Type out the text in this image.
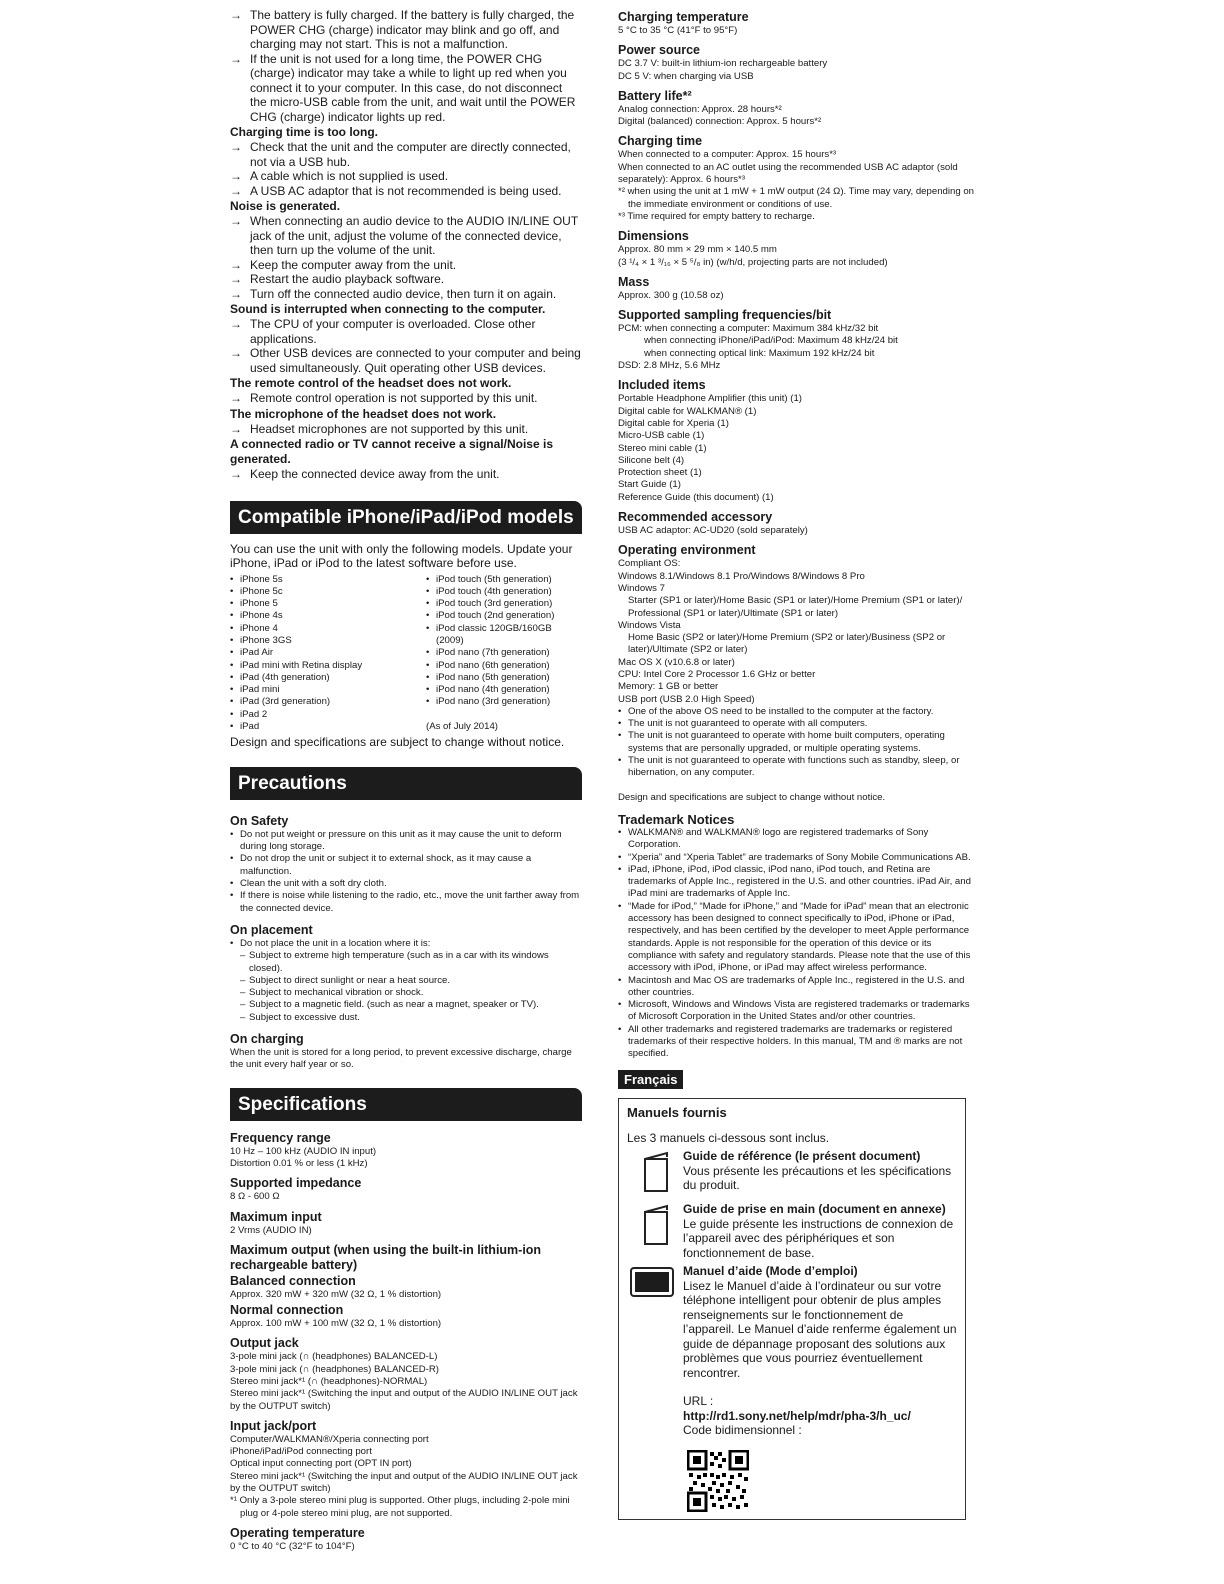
→ The battery is fully charged. If the battery is fully charged, the POWER CHG (charge) indicator may blink and go off, and charging may not start. This is not a malfunction.
→ If the unit is not used for a long time, the POWER CHG (charge) indicator may take a while to light up red when you connect it to your computer. In this case, do not disconnect the micro-USB cable from the unit, and wait until the POWER CHG (charge) indicator lights up red.
Charging time is too long.
→ Check that the unit and the computer are directly connected, not via a USB hub.
→ A cable which is not supplied is used.
→ A USB AC adaptor that is not recommended is being used.
Noise is generated.
→ When connecting an audio device to the AUDIO IN/LINE OUT jack of the unit, adjust the volume of the connected device, then turn up the volume of the unit.
→ Keep the computer away from the unit.
→ Restart the audio playback software.
→ Turn off the connected audio device, then turn it on again.
Sound is interrupted when connecting to the computer.
→ The CPU of your computer is overloaded. Close other applications.
→ Other USB devices are connected to your computer and being used simultaneously. Quit operating other USB devices.
The remote control of the headset does not work.
→ Remote control operation is not supported by this unit.
The microphone of the headset does not work.
→ Headset microphones are not supported by this unit.
A connected radio or TV cannot receive a signal/Noise is generated.
→ Keep the connected device away from the unit.
Compatible iPhone/iPad/iPod models
You can use the unit with only the following models. Update your iPhone, iPad or iPod to the latest software before use.
• iPhone 5s
• iPhone 5c
• iPhone 5
• iPhone 4s
• iPhone 4
• iPhone 3GS
• iPad Air
• iPad mini with Retina display
• iPad (4th generation)
• iPad mini
• iPad (3rd generation)
• iPad 2
• iPad
• iPod touch (5th generation)
• iPod touch (4th generation)
• iPod touch (3rd generation)
• iPod touch (2nd generation)
• iPod classic 120GB/160GB (2009)
• iPod nano (7th generation)
• iPod nano (6th generation)
• iPod nano (5th generation)
• iPod nano (4th generation)
• iPod nano (3rd generation)
(As of July 2014)
Design and specifications are subject to change without notice.
Precautions
On Safety
• Do not put weight or pressure on this unit as it may cause the unit to deform during long storage.
• Do not drop the unit or subject it to external shock, as it may cause a malfunction.
• Clean the unit with a soft dry cloth.
• If there is noise while listening to the radio, etc., move the unit farther away from the connected device.
On placement
• Do not place the unit in a location where it is:
– Subject to extreme high temperature (such as in a car with its windows closed).
– Subject to direct sunlight or near a heat source.
– Subject to mechanical vibration or shock.
– Subject to a magnetic field. (such as near a magnet, speaker or TV).
– Subject to excessive dust.
On charging
When the unit is stored for a long period, to prevent excessive discharge, charge the unit every half year or so.
Specifications
Frequency range
10 Hz – 100 kHz (AUDIO IN input)
Distortion 0.01 % or less (1 kHz)
Supported impedance
8 Ω - 600 Ω
Maximum input
2 Vrms (AUDIO IN)
Maximum output (when using the built-in lithium-ion rechargeable battery)
Balanced connection
Approx. 320 mW + 320 mW (32 Ω, 1 % distortion)
Normal connection
Approx. 100 mW + 100 mW (32 Ω, 1 % distortion)
Output jack
3-pole mini jack (∩ (headphones) BALANCED-L)
3-pole mini jack (∩ (headphones) BALANCED-R)
Stereo mini jack*¹ (∩ (headphones)-NORMAL)
Stereo mini jack*¹ (Switching the input and output of the AUDIO IN/LINE OUT jack by the OUTPUT switch)
Input jack/port
Computer/WALKMAN®/Xperia connecting port
iPhone/iPad/iPod connecting port
Optical input connecting port (OPT IN port)
Stereo mini jack*¹ (Switching the input and output of the AUDIO IN/LINE OUT jack by the OUTPUT switch)
*¹ Only a 3-pole stereo mini plug is supported. Other plugs, including 2-pole mini plug or 4-pole stereo mini plug, are not supported.
Operating temperature
0 °C to 40 °C (32°F to 104°F)
Charging temperature
5 °C to 35 °C (41°F to 95°F)
Power source
DC 3.7 V: built-in lithium-ion rechargeable battery
DC 5 V: when charging via USB
Battery life*²
Analog connection: Approx. 28 hours*²
Digital (balanced) connection: Approx. 5 hours*²
Charging time
When connected to a computer: Approx. 15 hours*³
When connected to an AC outlet using the recommended USB AC adaptor (sold separately): Approx. 6 hours*³
*² when using the unit at 1 mW + 1 mW output (24 Ω). Time may vary, depending on the immediate environment or conditions of use.
*³ Time required for empty battery to recharge.
Dimensions
Approx. 80 mm × 29 mm × 140.5 mm
(3 ¹/₄ × 1 ³/₁₆ × 5 ⁵/₈ in) (w/h/d, projecting parts are not included)
Mass
Approx. 300 g (10.58 oz)
Supported sampling frequencies/bit
PCM: when connecting a computer: Maximum 384 kHz/32 bit
when connecting iPhone/iPad/iPod: Maximum 48 kHz/24 bit
when connecting optical link: Maximum 192 kHz/24 bit
DSD: 2.8 MHz, 5.6 MHz
Included items
Portable Headphone Amplifier (this unit) (1)
Digital cable for WALKMAN® (1)
Digital cable for Xperia (1)
Micro-USB cable (1)
Stereo mini cable (1)
Silicone belt (4)
Protection sheet (1)
Start Guide (1)
Reference Guide (this document) (1)
Recommended accessory
USB AC adaptor: AC-UD20 (sold separately)
Operating environment
Compliant OS:
Windows 8.1/Windows 8.1 Pro/Windows 8/Windows 8 Pro
Windows 7
Starter (SP1 or later)/Home Basic (SP1 or later)/Home Premium (SP1 or later)/ Professional (SP1 or later)/Ultimate (SP1 or later)
Windows Vista
Home Basic (SP2 or later)/Home Premium (SP2 or later)/Business (SP2 or later)/Ultimate (SP2 or later)
Mac OS X (v10.6.8 or later)
CPU: Intel Core 2 Processor 1.6 GHz or better
Memory: 1 GB or better
USB port (USB 2.0 High Speed)
• One of the above OS need to be installed to the computer at the factory.
• The unit is not guaranteed to operate with all computers.
• The unit is not guaranteed to operate with home built computers, operating systems that are personally upgraded, or multiple operating systems.
• The unit is not guaranteed to operate with functions such as standby, sleep, or hibernation, on any computer.
Design and specifications are subject to change without notice.
Trademark Notices
• WALKMAN® and WALKMAN® logo are registered trademarks of Sony Corporation.
• “Xperia” and “Xperia Tablet” are trademarks of Sony Mobile Communications AB.
• iPad, iPhone, iPod, iPod classic, iPod nano, iPod touch, and Retina are trademarks of Apple Inc., registered in the U.S. and other countries. iPad Air, and iPad mini are trademarks of Apple Inc.
• “Made for iPod,” “Made for iPhone,” and “Made for iPad” mean that an electronic accessory has been designed to connect specifically to iPod, iPhone or iPad, respectively, and has been certified by the developer to meet Apple performance standards. Apple is not responsible for the operation of this device or its compliance with safety and regulatory standards. Please note that the use of this accessory with iPod, iPhone, or iPad may affect wireless performance.
• Macintosh and Mac OS are trademarks of Apple Inc., registered in the U.S. and other countries.
• Microsoft, Windows and Windows Vista are registered trademarks or trademarks of Microsoft Corporation in the United States and/or other countries.
• All other trademarks and registered trademarks are trademarks or registered trademarks of their respective holders. In this manual, TM and ® marks are not specified.
Français
Manuels fournis
Les 3 manuels ci-dessous sont inclus.
Guide de référence (le présent document)
Vous présente les précautions et les spécifications du produit.
Guide de prise en main (document en annexe)
Le guide présente les instructions de connexion de l’appareil avec des périphériques et son fonctionnement de base.
Manuel d’aide (Mode d’emploi)
Lisez le Manuel d’aide à l’ordinateur ou sur votre téléphone intelligent pour obtenir de plus amples renseignements sur le fonctionnement de l’appareil. Le Manuel d’aide renferme également un guide de dépannage proposant des solutions aux problèmes que vous pourriez éventuellement rencontrer.
URL :
http://rd1.sony.net/help/mdr/pha-3/h_uc/
Code bidimensionnel :
